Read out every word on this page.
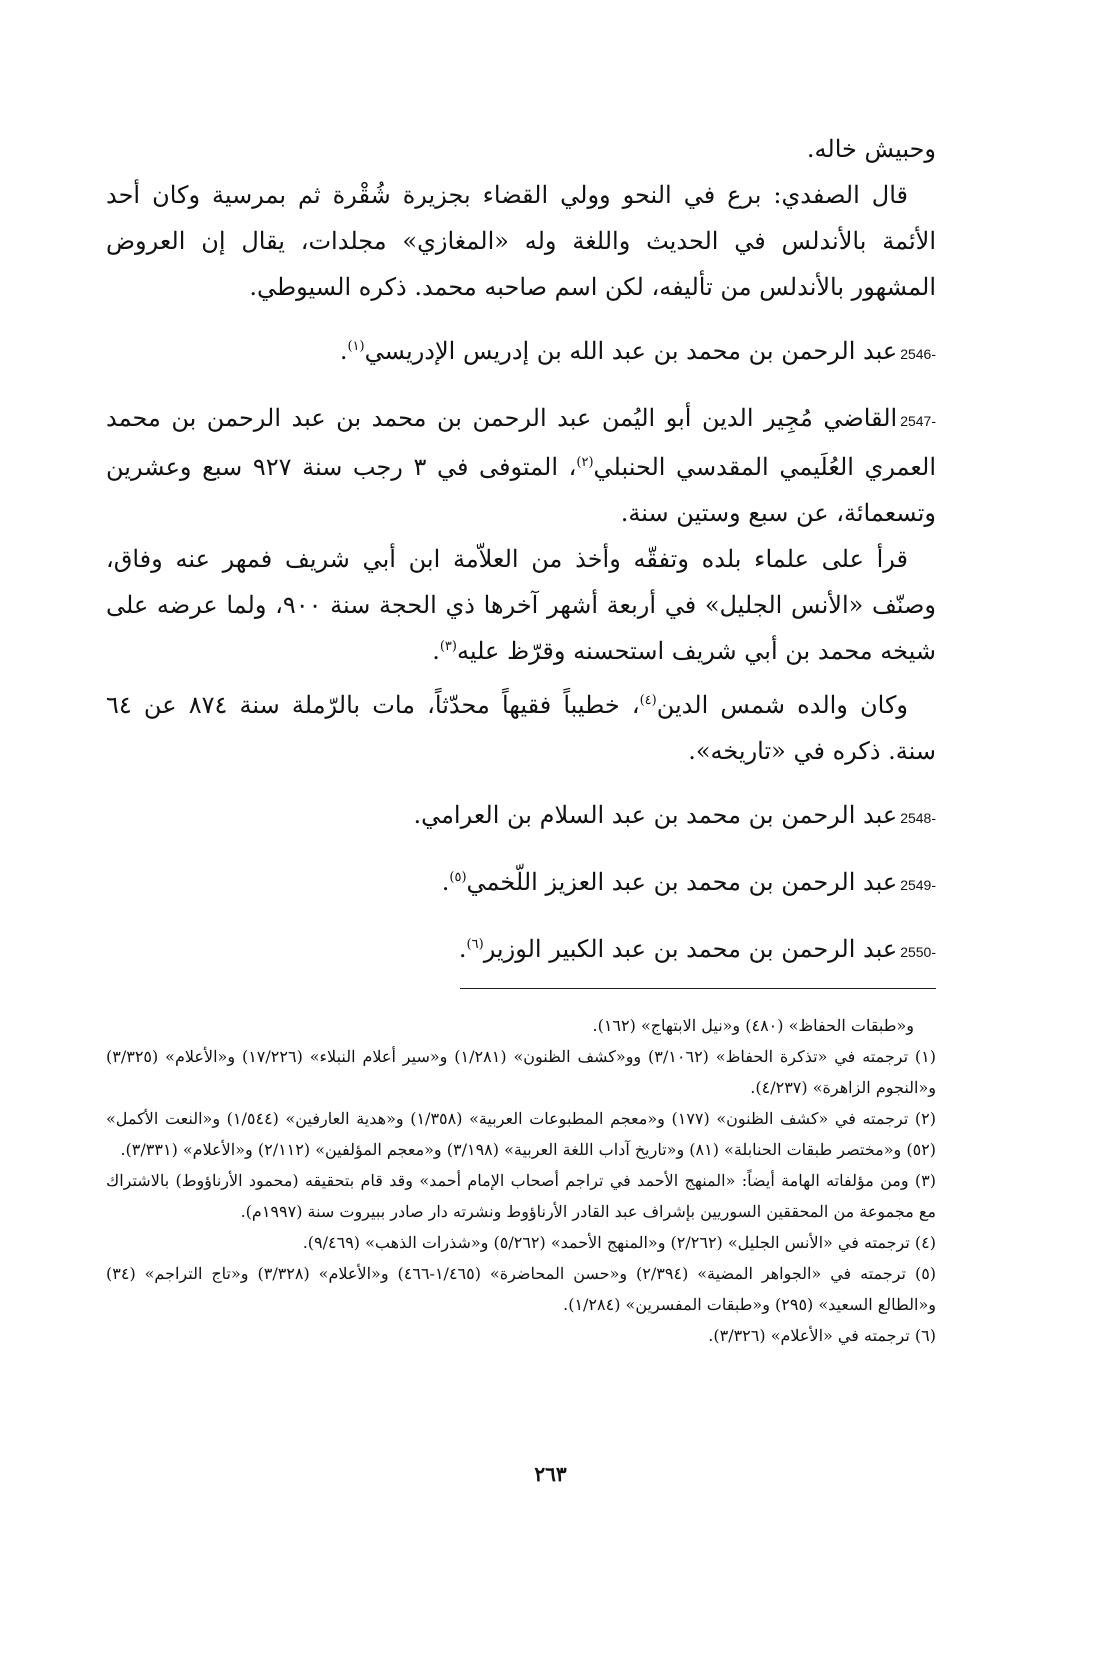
وحبيش خاله.

قال الصفدي: برع في النحو وولي القضاء بجزيرة شُقْرة ثم بمرسية وكان أحد الأئمة بالأندلس في الحديث واللغة وله «المغازي» مجلدات، يقال إن العروض المشهور بالأندلس من تأليفه، لكن اسم صاحبه محمد. ذكره السيوطي.

2546-عبد الرحمن بن محمد بن عبد الله بن إدريس الإدريسي$^{(١)}$.

2547-القاضي مُجِير الدين أبو اليُمن عبد الرحمن بن محمد بن عبد الرحمن بن محمد العمري العُلَيمي المقدسي الحنبلي$^{(٢)}$، المتوفى في ٣ رجب سنة ٩٢٧ سبع وعشرين وتسعمائة، عن سبع وستين سنة.

قرأ على علماء بلده وتفقّه وأخذ من العلاّمة ابن أبي شريف فمهر عنه وفاق، وصنّف «الأنس الجليل» في أربعة أشهر آخرها ذي الحجة سنة ٩٠٠، ولما عرضه على شيخه محمد بن أبي شريف استحسنه وقرّظ عليه$^{(٣)}$.

وكان والده شمس الدين$^{(٤)}$، خطيباً فقيهاً محدّثاً، مات بالرّملة سنة ٨٧٤ عن ٦٤ سنة. ذكره في «تاريخه».

2548-عبد الرحمن بن محمد بن عبد السلام بن العرامي.

2549-عبد الرحمن بن محمد بن عبد العزيز اللّخمي$^{(٥)}$.

2550-عبد الرحمن بن محمد بن عبد الكبير الوزير$^{(٦)}$.

و«طبقات الحفاظ» (٤٨٠) و«نيل الابتهاج» (١٦٢).

(١) ترجمته في «تذكرة الحفاظ» (٣/١٠٦٢) وو«كشف الظنون» (١/٢٨١) و«سير أعلام النبلاء» (١٧/٢٢٦) و«الأعلام» (٣/٣٢٥) و«النجوم الزاهرة» (٤/٢٣٧).

(٢) ترجمته في «كشف الظنون» (١٧٧) و«معجم المطبوعات العربية» (١/٣٥٨) و«هدية العارفين» (١/٥٤٤) و«النعت الأكمل» (٥٢) و«مختصر طبقات الحنابلة» (٨١) و«تاريخ آداب اللغة العربية» (٣/١٩٨) و«معجم المؤلفين» (٢/١١٢) و«الأعلام» (٣/٣٣١).

(٣) ومن مؤلفاته الهامة أيضاً: «المنهج الأحمد في تراجم أصحاب الإمام أحمد» وقد قام بتحقيقه (محمود الأرناؤوط) بالاشتراك مع مجموعة من المحققين السوريين بإشراف عبد القادر الأرناؤوط ونشرته دار صادر ببيروت سنة (١٩٩٧م).

(٤) ترجمته في «الأنس الجليل» (٢/٢٦٢) و«المنهج الأحمد» (٥/٢٦٢) و«شذرات الذهب» (٩/٤٦٩).

(٥) ترجمته في «الجواهر المضية» (٢/٣٩٤) و«حسن المحاضرة» (١/٤٦٥-٤٦٦) و«الأعلام» (٣/٣٢٨) و«تاج التراجم» (٣٤) و«الطالع السعيد» (٢٩٥) و«طبقات المفسرين» (١/٢٨٤).

(٦) ترجمته في «الأعلام» (٣/٣٢٦).

٢٦٣
